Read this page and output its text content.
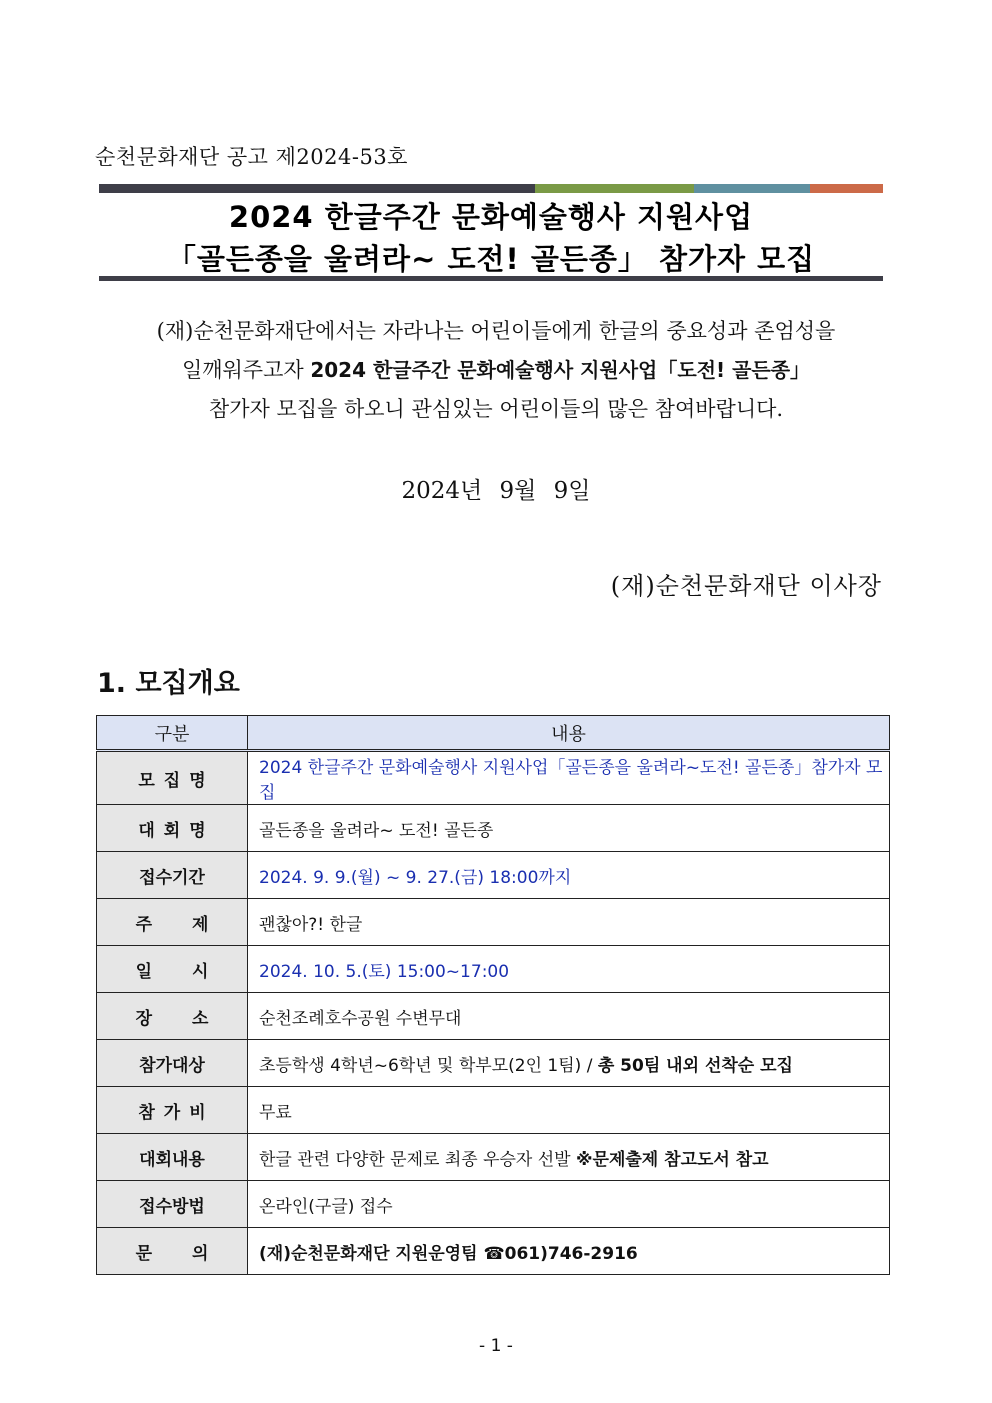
순천문화재단 공고 제2024-53호
2024 한글주간 문화예술행사 지원사업
「골든종을 울려라~ 도전! 골든종」 참가자 모집

(재)순천문화재단에서는 자라나는 어린이들에게 한글의 중요성과 존엄성을

일깨워주고자 2024 한글주간 문화예술행사 지원사업「도전! 골든종」

참가자 모집을 하오니 관심있는 어린이들의 많은 참여바랍니다.

2024년 9월 9일
(재)순천문화재단 이사장
1. 모집개요
구분	내용
모집명	2024 한글주간 문화예술행사 지원사업「골든종을 울려라~도전! 골든종」참가자 모집
대회명	골든종을 울려라~ 도전! 골든종
접수기간	2024. 9. 9.(월) ~ 9. 27.(금) 18:00까지
주제	괜찮아?! 한글
일시	2024. 10. 5.(토) 15:00~17:00
장소	순천조례호수공원 수변무대
참가대상	초등학생 4학년~6학년 및 학부모(2인 1팀) / 총 50팀 내외 선착순 모집
참가비	무료
대회내용	한글 관련 다양한 문제로 최종 우승자 선발 ※문제출제 참고도서 참고
접수방법	온라인(구글) 접수
문의	(재)순천문화재단 지원운영팀 ☎061)746-2916
- 1 -
